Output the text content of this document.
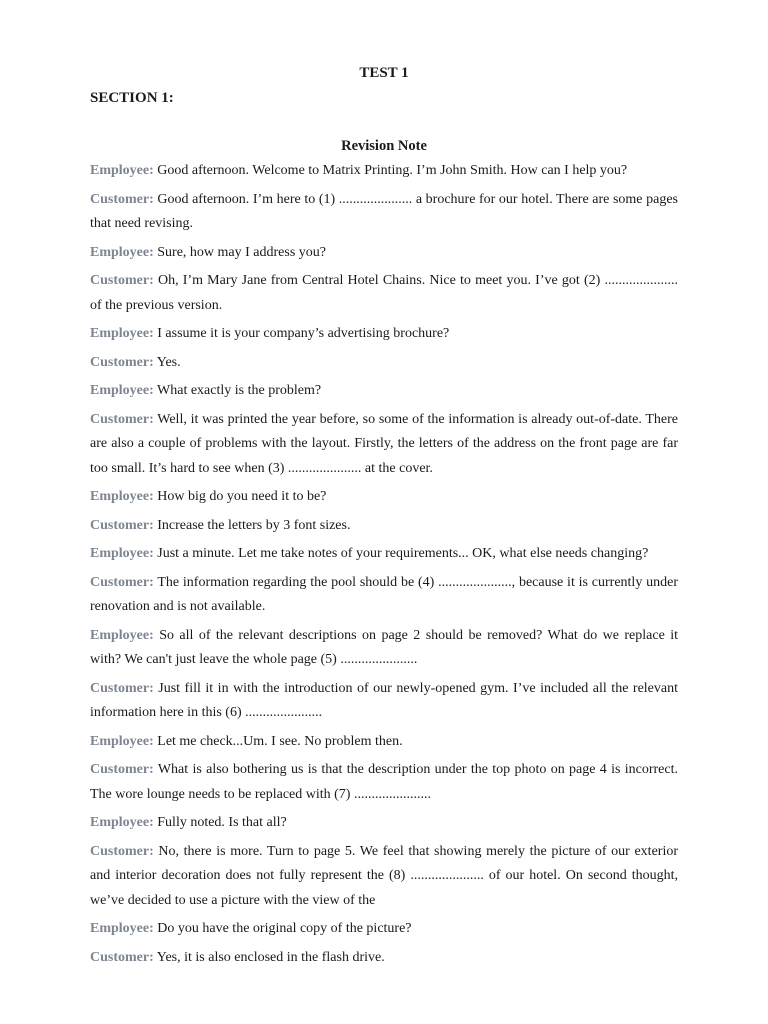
TEST 1
SECTION 1:
Revision Note

Employee: Good afternoon. Welcome to Matrix Printing. I’m John Smith. How can I help you?

Customer: Good afternoon. I’m here to (1) ..................... a brochure for our hotel. There are some pages that need revising.

Employee: Sure, how may I address you?

Customer: Oh, I’m Mary Jane from Central Hotel Chains. Nice to meet you. I’ve got (2) ..................... of the previous version.

Employee: I assume it is your company’s advertising brochure?

Customer: Yes.

Employee: What exactly is the problem?

Customer: Well, it was printed the year before, so some of the information is already out-of-date. There are also a couple of problems with the layout. Firstly, the letters of the address on the front page are far too small. It’s hard to see when (3) ..................... at the cover.

Employee: How big do you need it to be?

Customer: Increase the letters by 3 font sizes.

Employee: Just a minute. Let me take notes of your requirements... OK, what else needs changing?

Customer: The information regarding the pool should be (4) ....................., because it is currently under renovation and is not available.

Employee: So all of the relevant descriptions on page 2 should be removed? What do we replace it with? We can't just leave the whole page (5) ......................

Customer: Just fill it in with the introduction of our newly-opened gym. I’ve included all the relevant information here in this (6) ......................

Employee: Let me check...Um. I see. No problem then.

Customer: What is also bothering us is that the description under the top photo on page 4 is incorrect. The wore lounge needs to be replaced with (7) ......................

Employee: Fully noted. Is that all?

Customer: No, there is more. Turn to page 5. We feel that showing merely the picture of our exterior and interior decoration does not fully represent the (8) ..................... of our hotel. On second thought, we’ve decided to use a picture with the view of the

Employee: Do you have the original copy of the picture?

Customer: Yes, it is also enclosed in the flash drive.
